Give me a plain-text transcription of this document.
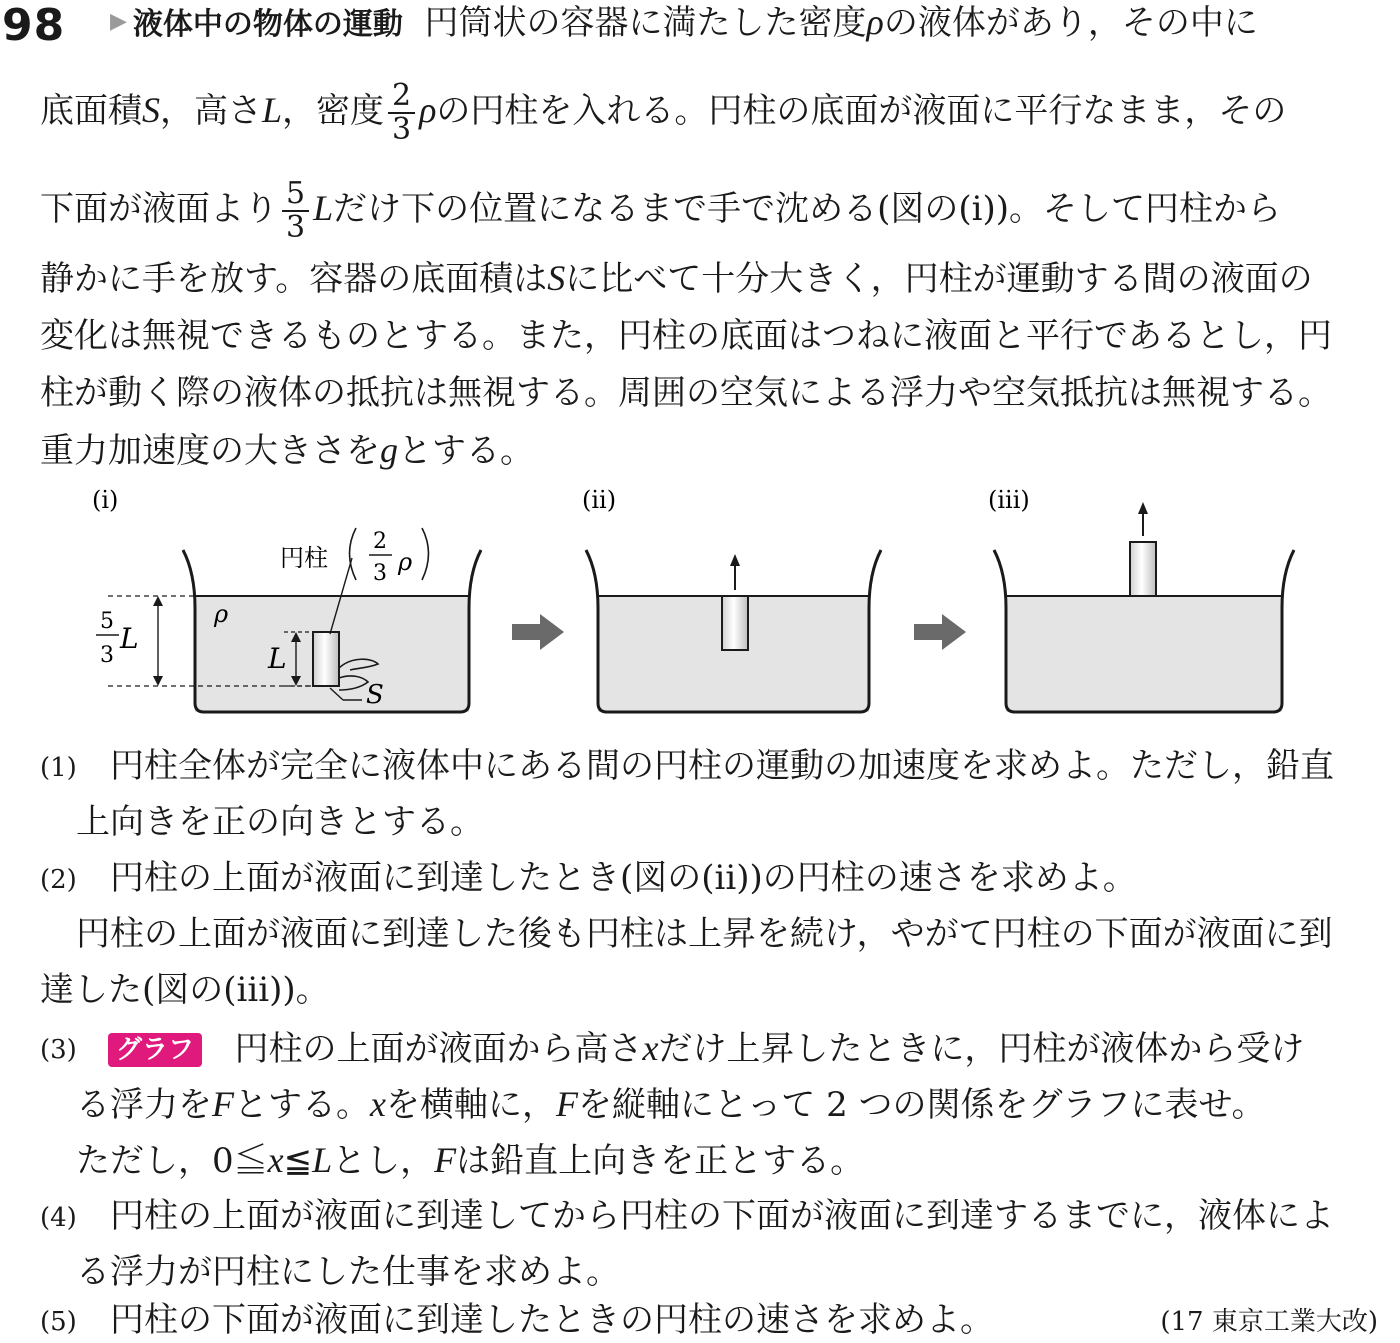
98	▶ 液体中の物体の運動 円筒状の容器に満たした密度ρの液体があり，その中に
底面積S，高さL，密度 $\frac{2}{3}$ ρの円柱を入れる。円柱の底面が液面に平行なまま，その
下面が液面より $\frac{5}{3}$ Lだけ下の位置になるまで手で沈める(図の(i))。そして円柱から
静かに手を放す。容器の底面積はSに比べて十分大きく，円柱が運動する間の液面の
変化は無視できるものとする。また，円柱の底面はつねに液面と平行であるとし，円
柱が動く際の液体の抵抗は無視する。周囲の空気による浮力や空気抵抗は無視する。
重力加速度の大きさをgとする。
(i)	(ii)	(iii)
ρ
S
L
5
3
L
円柱
2
3 ρ
(1) 円柱全体が完全に液体中にある間の円柱の運動の加速度を求めよ。ただし，鉛直
上向きを正の向きとする。
(2) 円柱の上面が液面に到達したとき(図の(ii))の円柱の速さを求めよ。
円柱の上面が液面に到達した後も円柱は上昇を続け，やがて円柱の下面が液面に到
達した(図の(iii))。
(3)	グラフ 円柱の上面が液面から高さxだけ上昇したときに，円柱が液体から受け
る浮力をFとする。xを横軸に，Fを縦軸にとって 2 つの関係をグラフに表せ。
ただし，0≦x≦Lとし，Fは鉛直上向きを正とする。
(4) 円柱の上面が液面に到達してから円柱の下面が液面に到達するまでに，液体によ
る浮力が円柱にした仕事を求めよ。
(5) 円柱の下面が液面に到達したときの円柱の速さを求めよ。	(17 東京工業大改)
